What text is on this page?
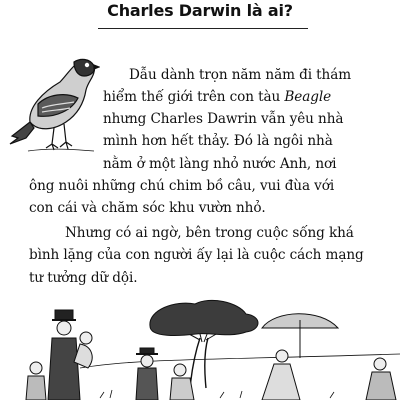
Charles Darwin là ai?
Dẫu dành trọn năm năm đi thám
hiểm thế giới trên con tàu Beagle
nhưng Charles Dawrin vẫn yêu nhà
mình hơn hết thảy. Đó là ngôi nhà
nằm ở một làng nhỏ nước Anh, nơi
ông nuôi những chú chim bồ câu, vui đùa với
con cái và chăm sóc khu vườn nhỏ.
Nhưng có ai ngờ, bên trong cuộc sống khá
bình lặng của con người ấy lại là cuộc cách mạng
tư tưởng dữ dội.
